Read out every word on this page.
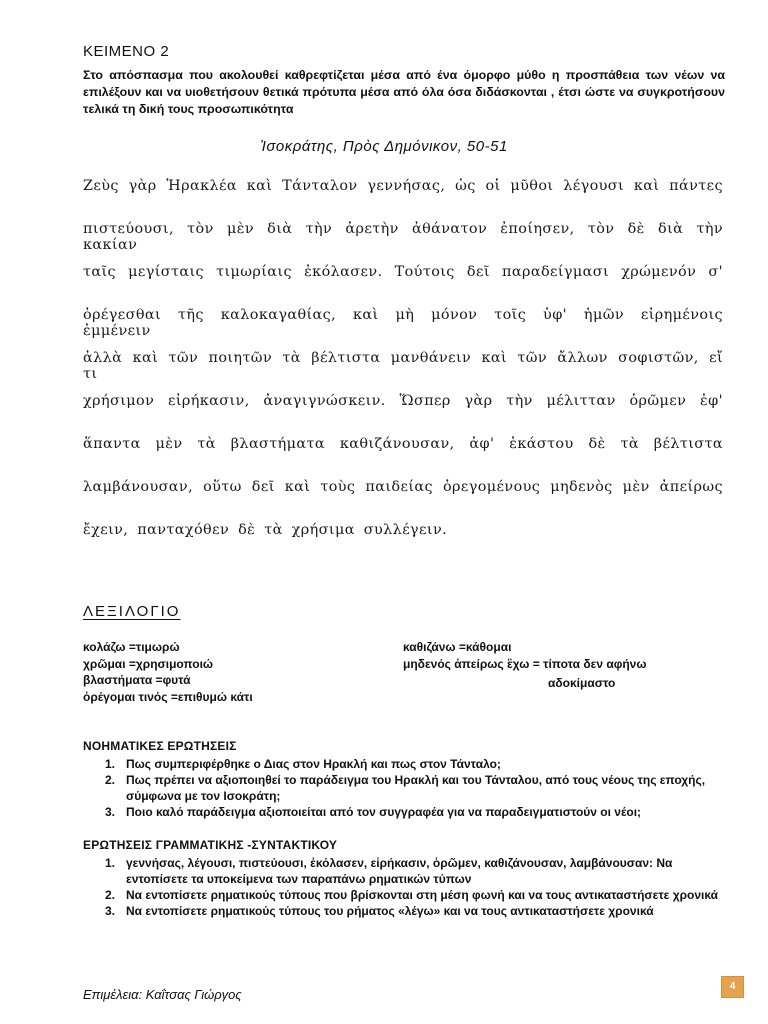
ΚΕΙΜΕΝΟ 2
Στο απόσπασμα που ακολουθεί καθρεφτίζεται μέσα από ένα όμορφο μύθο η προσπάθεια των νέων να επιλέξουν και να υιοθετήσουν θετικά πρότυπα μέσα από όλα όσα διδάσκονται , έτσι ώστε να συγκροτήσουν τελικά τη δική τους προσωπικότητα
Ἰσοκράτης, Πρὸς Δημόνικον, 50-51
Ζεὺς γὰρ Ἡρακλέα καὶ Τάνταλον γεννήσας, ὡς οἱ μῦθοι λέγουσι καὶ πάντες
πιστεύουσι, τὸν μὲν διὰ τὴν ἀρετὴν ἀθάνατον ἐποίησεν, τὸν δὲ διὰ τὴν κακίαν
ταῖς μεγίσταις τιμωρίαις ἐκόλασεν. Τούτοις δεῖ παραδείγμασι χρώμενόν σ'
ὀρέγεσθαι τῆς καλοκαγαθίας, καὶ μὴ μόνον τοῖς ὑφ' ἡμῶν εἰρημένοις ἐμμένειν
ἀλλὰ καὶ τῶν ποιητῶν τὰ βέλτιστα μανθάνειν καὶ τῶν ἄλλων σοφιστῶν, εἴ τι
χρήσιμον εἰρήκασιν, ἀναγιγνώσκειν. Ὥσπερ γὰρ τὴν μέλιτταν ὁρῶμεν ἐφ'
ἅπαντα μὲν τὰ βλαστήματα καθιζάνουσαν, ἀφ' ἑκάστου δὲ τὰ βέλτιστα
λαμβάνουσαν, οὕτω δεῖ καὶ τοὺς παιδείας ὀρεγομένους μηδενὸς μὲν ἀπείρως
ἔχειν, πανταχόθεν δὲ τὰ χρήσιμα συλλέγειν.
ΛΕΞΙΛΟΓΙΟ
κολάζω =τιμωρώ
χρῶμαι =χρησιμοποιώ
βλαστήματα =φυτά
ὀρέγομαι τινός =επιθυμώ κάτι
καθιζάνω =κάθομαι
μηδενός ἀπείρως ἒχω = τίποτα δεν αφήνω
αδοκίμαστο
ΝΟΗΜΑΤΙΚΕΣ ΕΡΩΤΗΣΕΙΣ
1. Πως συμπεριφέρθηκε ο Διας στον Ηρακλή και πως στον Τάνταλο;
2. Πως πρέπει να αξιοποιηθεί το παράδειγμα του Ηρακλή και του Τάνταλου, από τους νέους της εποχής, σύμφωνα με τον Ισοκράτη;
3. Ποιο καλό παράδειγμα αξιοποιείται από τον συγγραφέα για να παραδειγματιστούν οι νέοι;
ΕΡΩΤΗΣΕΙΣ ΓΡΑΜΜΑΤΙΚΗΣ -ΣΥΝΤΑΚΤΙΚΟΥ
1. γεννήσας, λέγουσι, πιστεύουσι, ἐκόλασεν, εἰρήκασιν, ὁρῶμεν, καθιζάνουσαν, λαμβάνουσαν: Να εντοπίσετε τα υποκείμενα των παραπάνω ρηματικών τύπων
2. Να εντοπίσετε ρηματικούς τύπους που βρίσκονται στη μέση φωνή και να τους αντικαταστήσετε χρονικά
3. Να εντοπίσετε ρηματικούς τύπους του ρήματος «λέγω» και να τους αντικαταστήσετε χρονικά
Επιμέλεια: Καΐτσας Γιώργος
4
